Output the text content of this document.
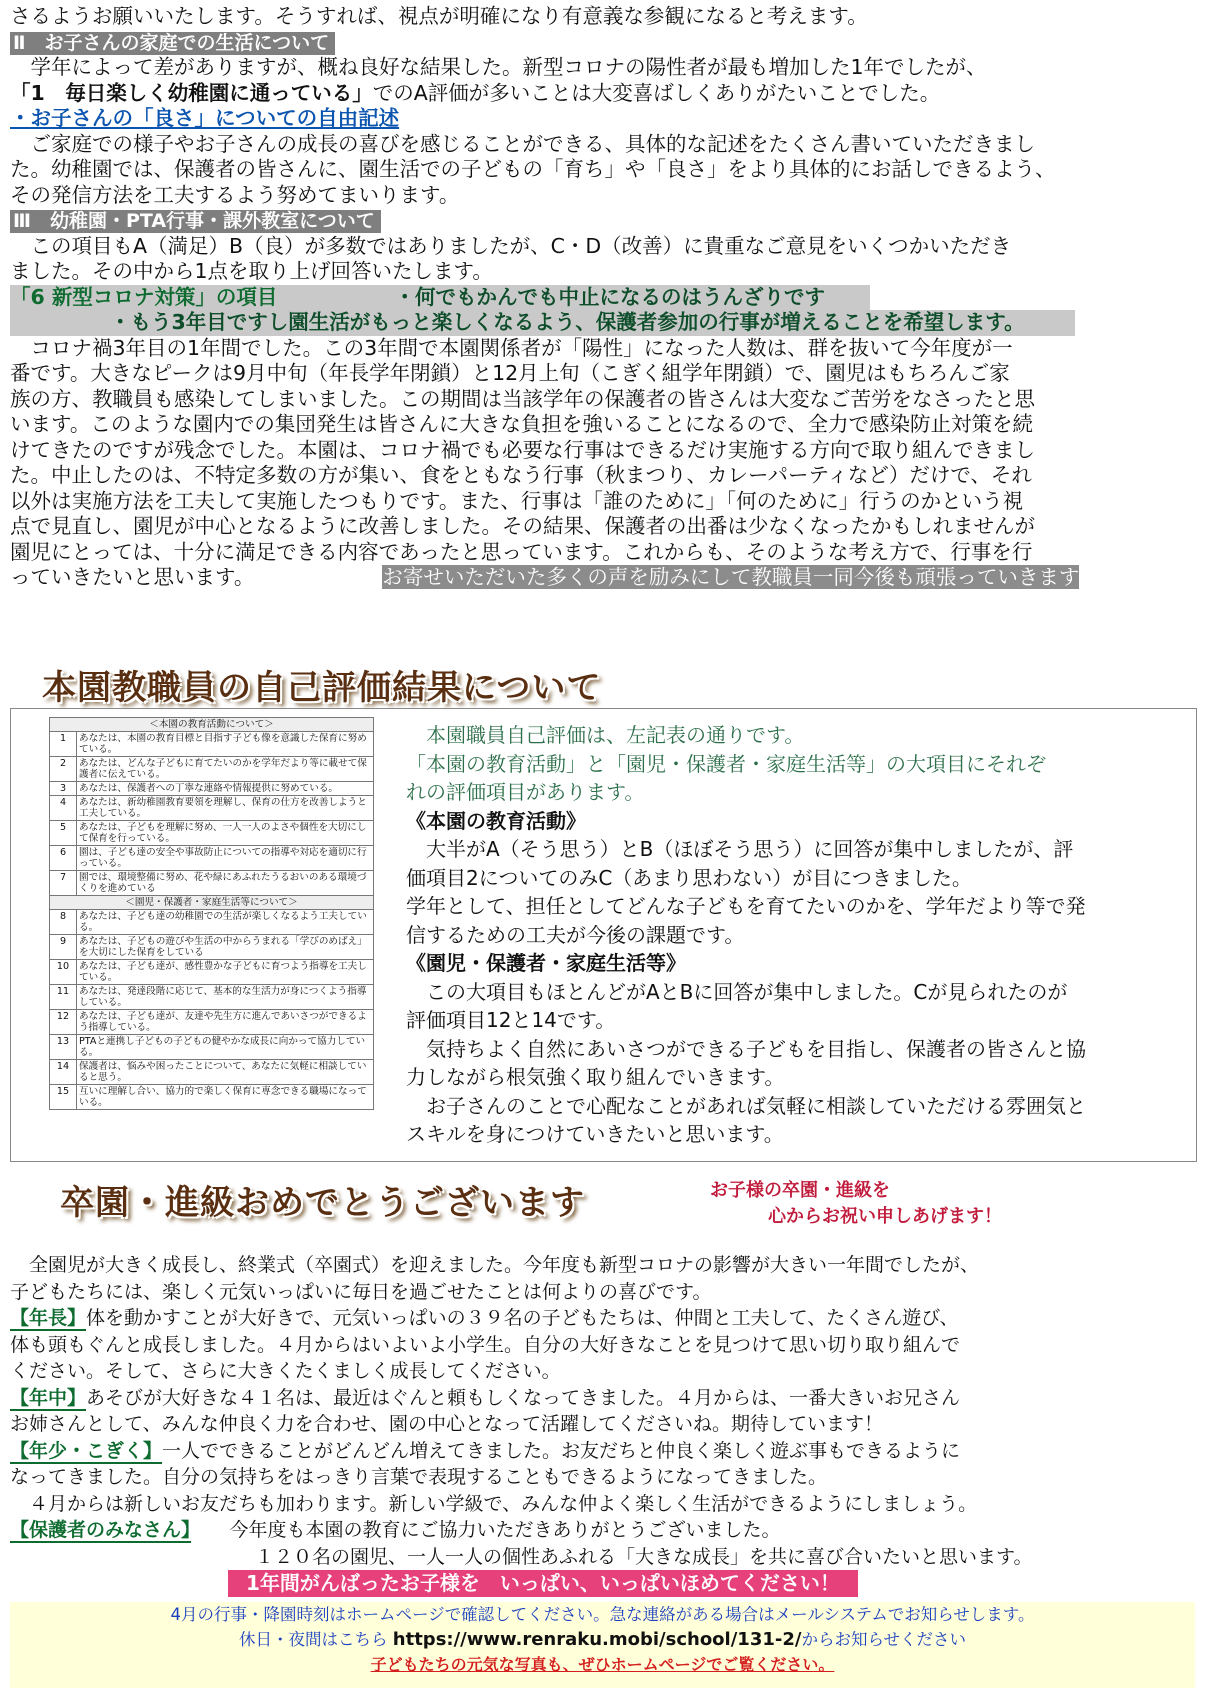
さるようお願いいたします。そうすれば、視点が明確になり有意義な参観になると考えます。

Ⅱ　お子さんの家庭での生活について

　学年によって差がありますが、概ね良好な結果した。新型コロナの陽性者が最も増加した1年でしたが、

「1　毎日楽しく幼稚園に通っている」でのA評価が多いことは大変喜ばしくありがたいことでした。

・お子さんの「良さ」についての自由記述

　ご家庭での様子やお子さんの成長の喜びを感じることができる、具体的な記述をたくさん書いていただきまし

た。幼稚園では、保護者の皆さんに、園生活での子どもの「育ち」や「良さ」をより具体的にお話しできるよう、

その発信方法を工夫するよう努めてまいります。

Ⅲ　幼稚園・PTA行事・課外教室について

　この項目もA（満足）B（良）が多数ではありましたが、C・D（改善）に貴重なご意見をいくつかいただき

ました。その中から1点を取り上げ回答いたします。

「6 新型コロナ対策」の項目	・何でもかんでも中止になるのはうんざりです

・もう3年目ですし園生活がもっと楽しくなるよう、保護者参加の行事が増えることを希望します。

　コロナ禍3年目の1年間でした。この3年間で本園関係者が「陽性」になった人数は、群を抜いて今年度が一

番です。大きなピークは9月中旬（年長学年閉鎖）と12月上旬（こぎく組学年閉鎖）で、園児はもちろんご家

族の方、教職員も感染してしまいました。この期間は当該学年の保護者の皆さんは大変なご苦労をなさったと思

います。このような園内での集団発生は皆さんに大きな負担を強いることになるので、全力で感染防止対策を続

けてきたのですが残念でした。本園は、コロナ禍でも必要な行事はできるだけ実施する方向で取り組んできまし

た。中止したのは、不特定多数の方が集い、食をともなう行事（秋まつり、カレーパーティなど）だけで、それ

以外は実施方法を工夫して実施したつもりです。また、行事は「誰のために」「何のために」行うのかという視

点で見直し、園児が中心となるように改善しました。その結果、保護者の出番は少なくなったかもしれませんが

園児にとっては、十分に満足できる内容であったと思っています。これからも、そのような考え方で、行事を行

っていきたいと思います。	お寄せいただいた多くの声を励みにして教職員一同今後も頑張っていきます

本園教職員の自己評価結果について
＜本園の教育活動について＞	
1	あなたは、本園の教育目標と目指す子ども像を意識した保育に努めている。
2	あなたは、どんな子どもに育てたいのかを学年だより等に載せて保護者に伝えている。
3	あなたは、保護者への丁寧な連絡や情報提供に努めている。
4	あなたは、新幼稚園教育要領を理解し、保育の仕方を改善しようと工夫している。
5	あなたは、子どもを理解に努め、一人一人のよさや個性を大切にして保育を行っている。
6	園は、子ども達の安全や事故防止についての指導や対応を適切に行っている。
7	園では、環境整備に努め、花や緑にあふれたうるおいのある環境づくりを進めている
＜園児・保護者・家庭生活等について＞	
8	あなたは、子ども達の幼稚園での生活が楽しくなるよう工夫している。
9	あなたは、子どもの遊びや生活の中からうまれる「学びのめばえ」を大切にした保育をしている
10	あなたは、子ども達が、感性豊かな子どもに育つよう指導を工夫している。
11	あなたは、発達段階に応じて、基本的な生活力が身につくよう指導している。
12	あなたは、子ども達が、友達や先生方に進んであいさつができるよう指導している。
13	PTAと連携し子どもの子どもの健やかな成長に向かって協力している。
14	保護者は、悩みや困ったことについて、あなたに気軽に相談していると思う。
15	互いに理解し合い、協力的で楽しく保育に専念できる職場になっている。

　本園職員自己評価は、左記表の通りです。

「本園の教育活動」と「園児・保護者・家庭生活等」の大項目にそれぞ

れの評価項目があります。

《本園の教育活動》

　大半がA（そう思う）とB（ほぼそう思う）に回答が集中しましたが、評

価項目2についてのみC（あまり思わない）が目につきました。

学年として、担任としてどんな子どもを育てたいのかを、学年だより等で発

信するための工夫が今後の課題です。

《園児・保護者・家庭生活等》

　この大項目もほとんどがAとBに回答が集中しました。Cが見られたのが

評価項目12と14です。

　気持ちよく自然にあいさつができる子どもを目指し、保護者の皆さんと協

力しながら根気強く取り組んでいきます。

　お子さんのことで心配なことがあれば気軽に相談していただける雰囲気と

スキルを身につけていきたいと思います。

卒園・進級おめでとうございます	お子様の卒園・進級を
心からお祝い申しあげます！

　全園児が大きく成長し、終業式（卒園式）を迎えました。今年度も新型コロナの影響が大きい一年間でしたが、

子どもたちには、楽しく元気いっぱいに毎日を過ごせたことは何よりの喜びです。

【年長】体を動かすことが大好きで、元気いっぱいの３９名の子どもたちは、仲間と工夫して、たくさん遊び、

体も頭もぐんと成長しました。４月からはいよいよ小学生。自分の大好きなことを見つけて思い切り取り組んで

ください。そして、さらに大きくたくましく成長してください。

【年中】あそびが大好きな４１名は、最近はぐんと頼もしくなってきました。４月からは、一番大きいお兄さん

お姉さんとして、みんな仲良く力を合わせ、園の中心となって活躍してくださいね。期待しています！

【年少・こぎく】一人でできることがどんどん増えてきました。お友だちと仲良く楽しく遊ぶ事もできるように

なってきました。自分の気持ちをはっきり言葉で表現することもできるようになってきました。

　４月からは新しいお友だちも加わります。新しい学級で、みんな仲よく楽しく生活ができるようにしましょう。

【保護者のみなさん】　今年度も本園の教育にご協力いただきありがとうございました。

１２０名の園児、一人一人の個性あふれる「大きな成長」を共に喜び合いたいと思います。

1年間がんばったお子様を　いっぱい、いっぱいほめてください！

4月の行事・降園時刻はホームページで確認してください。急な連絡がある場合はメールシステムでお知らせします。
休日・夜間はこちら https://www.renraku.mobi/school/131-2/からお知らせください
子どもたちの元気な写真も、ぜひホームページでご覧ください。
